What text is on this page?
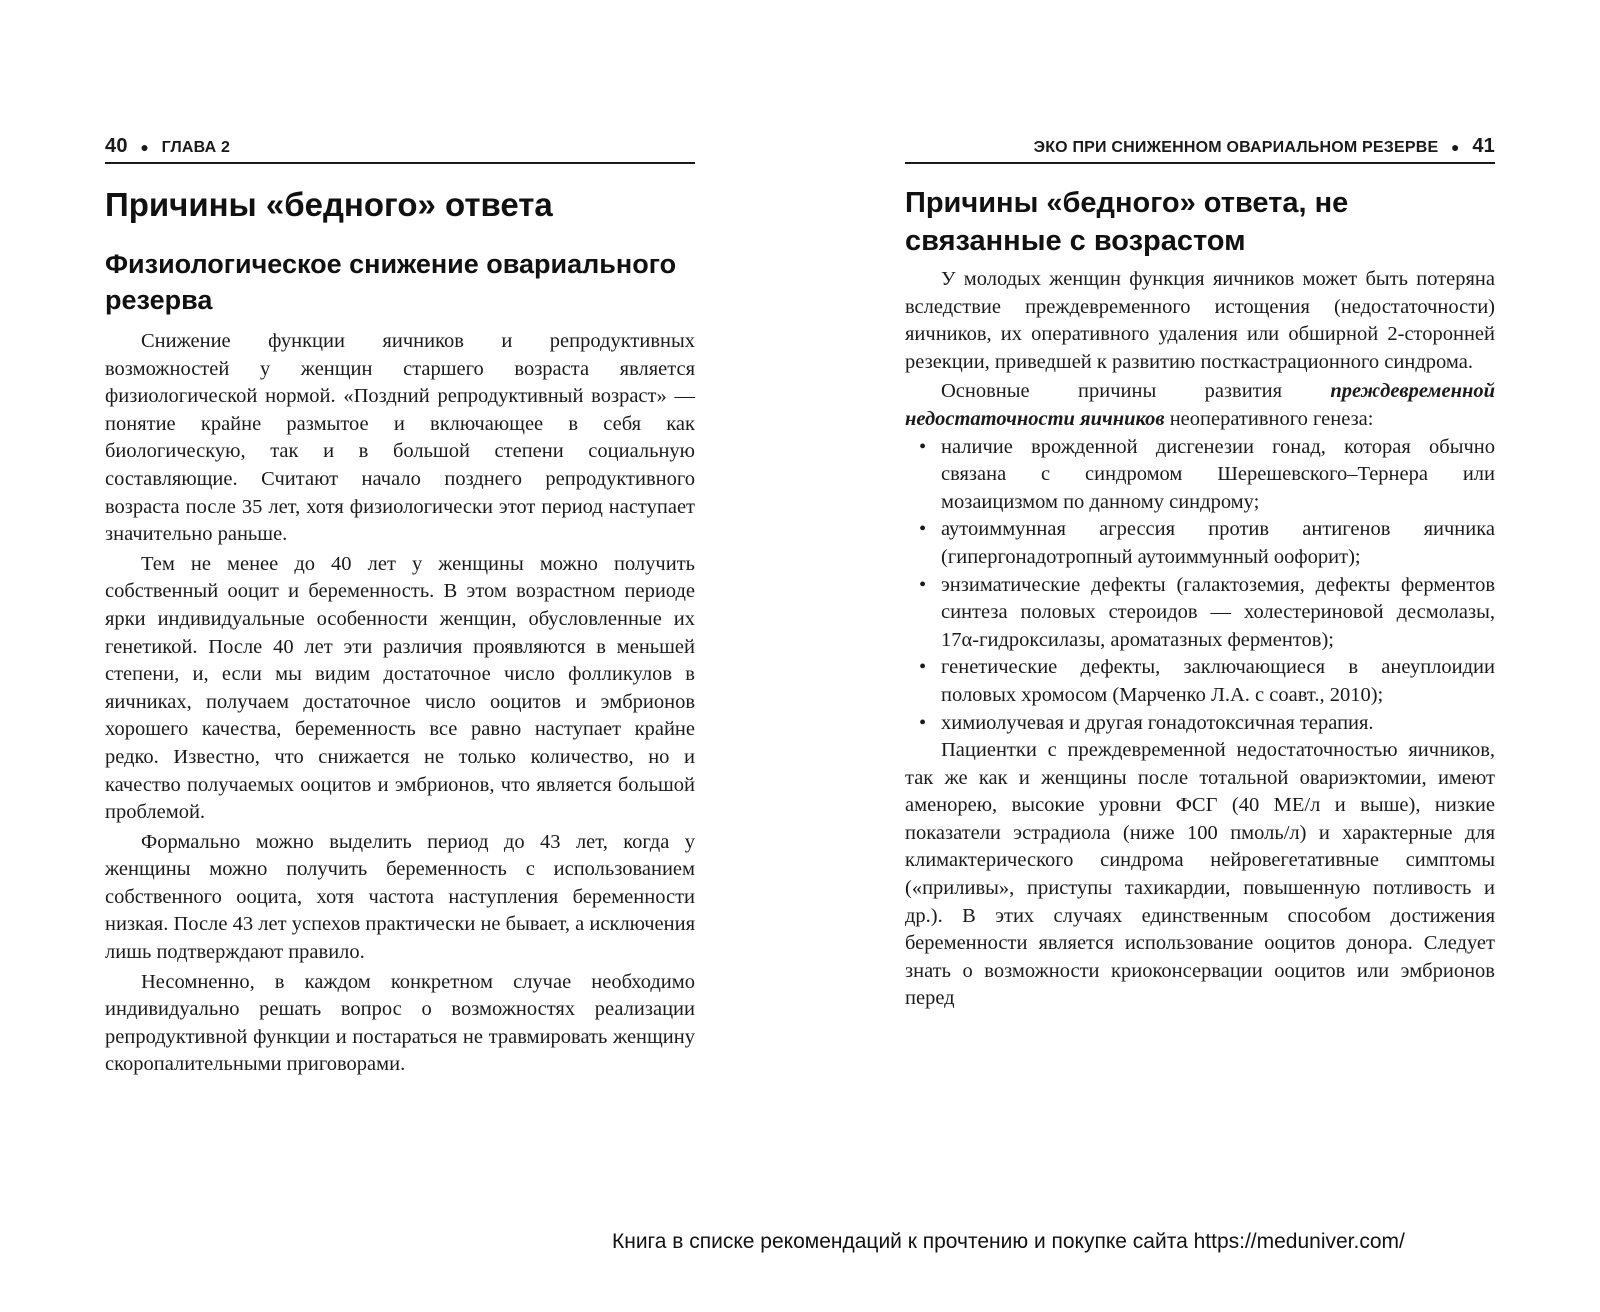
40 ● ГЛАВА 2
Причины «бедного» ответа
Физиологическое снижение овариального резерва

Снижение функции яичников и репродуктивных возможностей у женщин старшего возраста является физиологической нормой. «Поздний репродуктивный возраст» — понятие крайне размытое и включающее в себя как биологическую, так и в большой степени социальную составляющие. Считают начало позднего репродуктивного возраста после 35 лет, хотя физиологически этот период наступает значительно раньше.

Тем не менее до 40 лет у женщины можно получить собственный ооцит и беременность. В этом возрастном периоде ярки индивидуальные особенности женщин, обусловленные их генетикой. После 40 лет эти различия проявляются в меньшей степени, и, если мы видим достаточное число фолликулов в яичниках, получаем достаточное число ооцитов и эмбрионов хорошего качества, беременность все равно наступает крайне редко. Известно, что снижается не только количество, но и качество получаемых ооцитов и эмбрионов, что является большой проблемой.

Формально можно выделить период до 43 лет, когда у женщины можно получить беременность с использованием собственного ооцита, хотя частота наступления беременности низкая. После 43 лет успехов практически не бывает, а исключения лишь подтверждают правило.

Несомненно, в каждом конкретном случае необходимо индивидуально решать вопрос о возможностях реализации репродуктивной функции и постараться не травмировать женщину скоропалительными приговорами.

ЭКО ПРИ СНИЖЕННОМ ОВАРИАЛЬНОМ РЕЗЕРВЕ ● 41
Причины «бедного» ответа, не связанные с возрастом

У молодых женщин функция яичников может быть потеряна вследствие преждевременного истощения (недостаточности) яичников, их оперативного удаления или обширной 2-сторонней резекции, приведшей к развитию посткастрационного синдрома.

Основные причины развития преждевременной недостаточности яичников неоперативного генеза:

• наличие врожденной дисгенезии гонад, которая обычно связана с синдромом Шерешевского–Тернера или мозаицизмом по данному синдрому;
• аутоиммунная агрессия против антигенов яичника (гипергонадотропный аутоиммунный оофорит);
• энзиматические дефекты (галактоземия, дефекты ферментов синтеза половых стероидов — холестериновой десмолазы, 17α-гидроксилазы, ароматазных ферментов);
• генетические дефекты, заключающиеся в анеуплоидии половых хромосом (Марченко Л.А. с соавт., 2010);
• химиолучевая и другая гонадотоксичная терапия.

Пациентки с преждевременной недостаточностью яичников, так же как и женщины после тотальной овариэктомии, имеют аменорею, высокие уровни ФСГ (40 МЕ/л и выше), низкие показатели эстрадиола (ниже 100 пмоль/л) и характерные для климактерического синдрома нейровегетативные симптомы («приливы», приступы тахикардии, повышенную потливость и др.). В этих случаях единственным способом достижения беременности является использование ооцитов донора. Следует знать о возможности криоконсервации ооцитов или эмбрионов перед

Книга в списке рекомендаций к прочтению и покупке сайта https://meduniver.com/
